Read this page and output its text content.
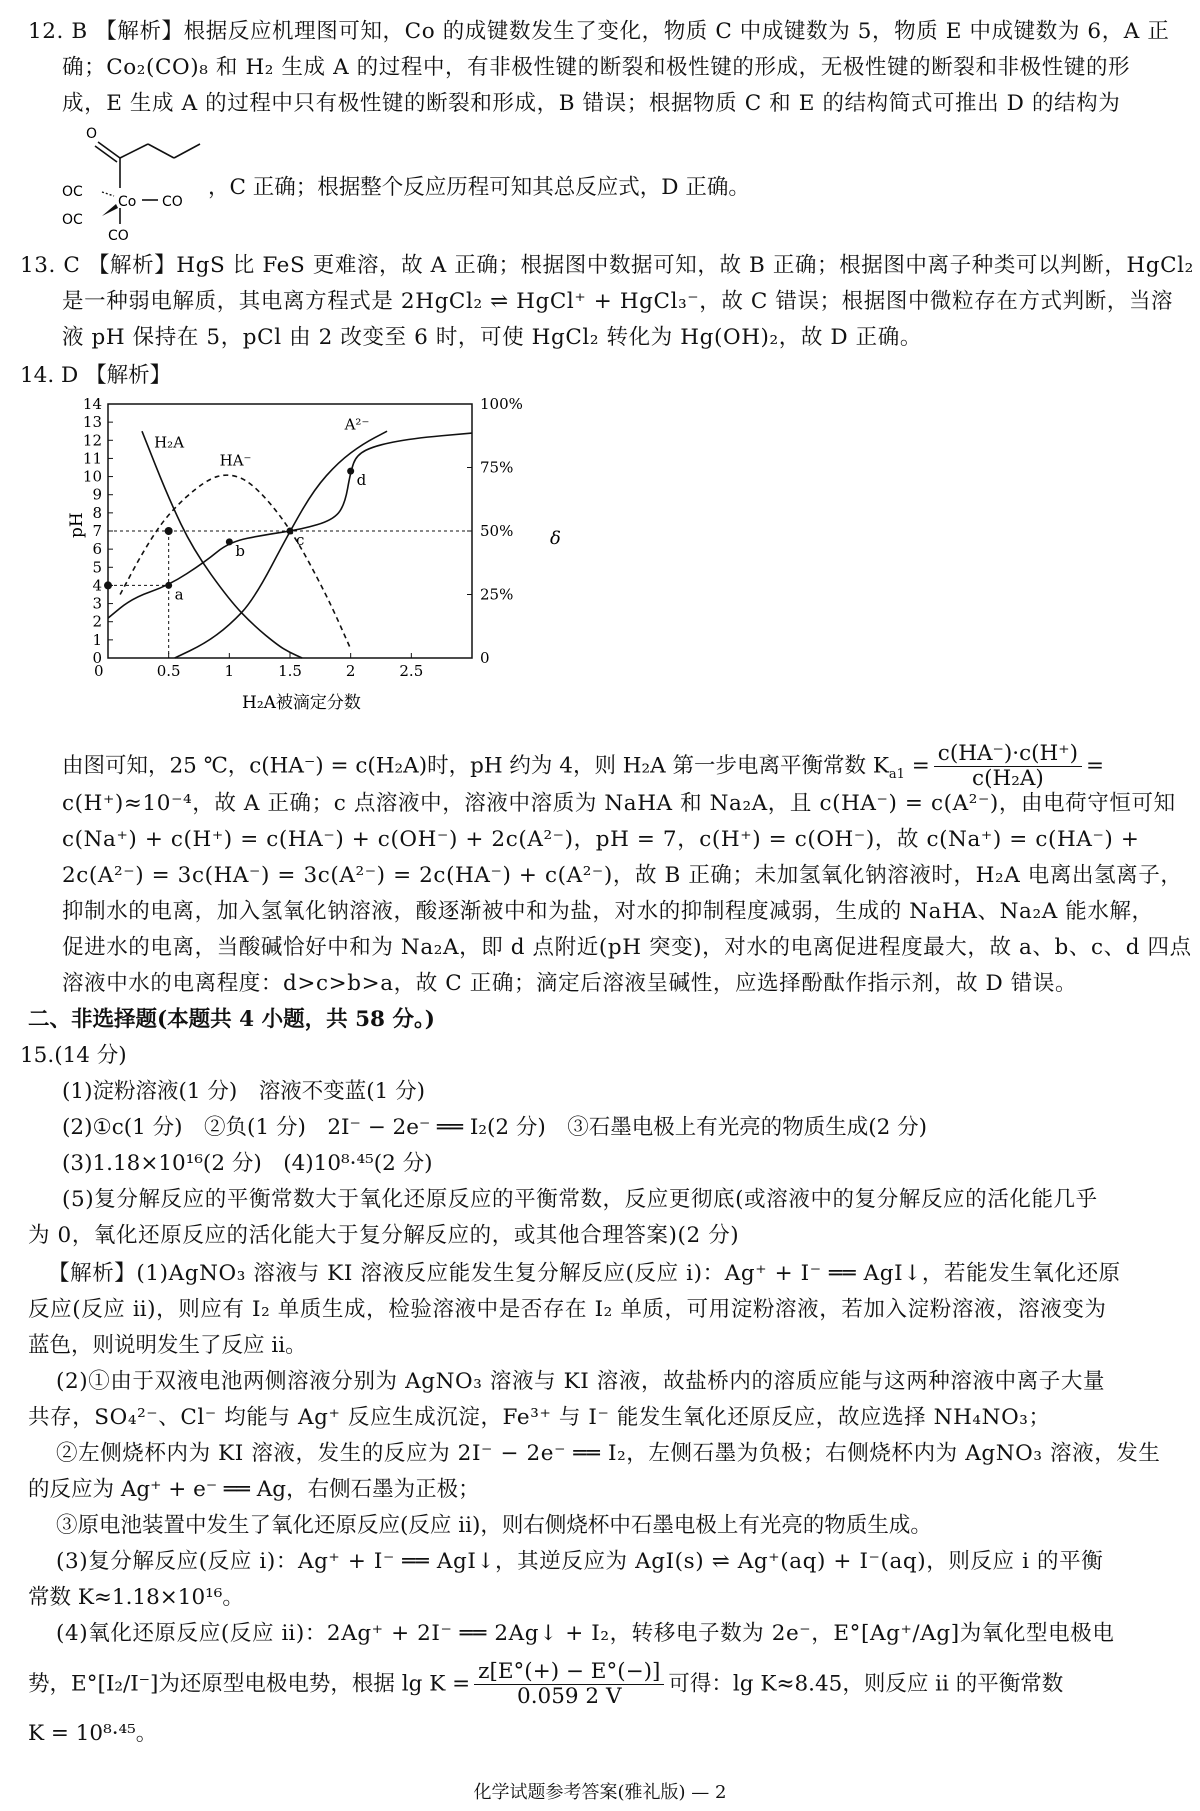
12. B 【解析】根据反应机理图可知，Co 的成键数发生了变化，物质 C 中成键数为 5，物质 E 中成键数为 6，A 正
确；Co₂(CO)₈ 和 H₂ 生成 A 的过程中，有非极性键的断裂和极性键的形成，无极性键的断裂和非极性键的形
成，E 生成 A 的过程中只有极性键的断裂和形成，B 错误；根据物质 C 和 E 的结构简式可推出 D 的结构为
O
OC
OC
Co CO
CO
，C 正确；根据整个反应历程可知其总反应式，D 正确。
13. C 【解析】HgS 比 FeS 更难溶，故 A 正确；根据图中数据可知，故 B 正确；根据图中离子种类可以判断，HgCl₂
是一种弱电解质，其电离方程式是 2HgCl₂ ⇌ HgCl⁺ + HgCl₃⁻，故 C 错误；根据图中微粒存在方式判断，当溶
液 pH 保持在 5，pCl 由 2 改变至 6 时，可使 HgCl₂ 转化为 Hg(OH)₂，故 D 正确。
14. D 【解析】
0
1
2
3
4
5
6
7
8
9
10
11
12
13
14
0
25%
50%
75%
100%
0	0.5	1	1.5	2	2.5
H₂A
HA⁻
A²⁻
a
b
c
d
pH
δ
H₂A被滴定分数
由图可知，25 ℃，c(HA⁻) = c(H₂A)时，pH 约为 4，则 H₂A 第一步电离平衡常数 $K_{a1} = \frac{c(HA^-)\cdot c(H^+)}{\text{c(H₂A)}}$ =
c(H⁺)≈10⁻⁴，故 A 正确；c 点溶液中，溶液中溶质为 NaHA 和 Na₂A，且 c(HA⁻) = c(A²⁻)，由电荷守恒可知
c(Na⁺) + c(H⁺) = c(HA⁻) + c(OH⁻) + 2c(A²⁻)，pH = 7，c(H⁺) = c(OH⁻)，故 c(Na⁺) = c(HA⁻) +
2c(A²⁻) = 3c(HA⁻) = 3c(A²⁻) = 2c(HA⁻) + c(A²⁻)，故 B 正确；未加氢氧化钠溶液时，H₂A 电离出氢离子，
抑制水的电离，加入氢氧化钠溶液，酸逐渐被中和为盐，对水的抑制程度减弱，生成的 NaHA、Na₂A 能水解，
促进水的电离，当酸碱恰好中和为 Na₂A，即 d 点附近(pH 突变)，对水的电离促进程度最大，故 a、b、c、d 四点
溶液中水的电离程度：d>c>b>a，故 C 正确；滴定后溶液呈碱性，应选择酚酞作指示剂，故 D 错误。
二、非选择题(本题共 4 小题，共 58 分。)
15.(14 分)
(1)淀粉溶液(1 分)　溶液不变蓝(1 分)
(2)①c(1 分)　②负(1 分)　2I⁻ − 2e⁻ ══ I₂(2 分)　③石墨电极上有光亮的物质生成(2 分)
(3)1.18×10¹⁶(2 分)　(4)10⁸·⁴⁵(2 分)
(5)复分解反应的平衡常数大于氧化还原反应的平衡常数，反应更彻底(或溶液中的复分解反应的活化能几乎
为 0，氧化还原反应的活化能大于复分解反应的，或其他合理答案)(2 分)
【解析】(1)AgNO₃ 溶液与 KI 溶液反应能发生复分解反应(反应 ⅰ)：Ag⁺ + I⁻ ══ AgI↓，若能发生氧化还原
反应(反应 ⅱ)，则应有 I₂ 单质生成，检验溶液中是否存在 I₂ 单质，可用淀粉溶液，若加入淀粉溶液，溶液变为
蓝色，则说明发生了反应 ⅱ。
(2)①由于双液电池两侧溶液分别为 AgNO₃ 溶液与 KI 溶液，故盐桥内的溶质应能与这两种溶液中离子大量
共存，SO₄²⁻、Cl⁻ 均能与 Ag⁺ 反应生成沉淀，Fe³⁺ 与 I⁻ 能发生氧化还原反应，故应选择 NH₄NO₃；
②左侧烧杯内为 KI 溶液，发生的反应为 2I⁻ − 2e⁻ ══ I₂，左侧石墨为负极；右侧烧杯内为 AgNO₃ 溶液，发生
的反应为 Ag⁺ + e⁻ ══ Ag，右侧石墨为正极；
③原电池装置中发生了氧化还原反应(反应 ⅱ)，则右侧烧杯中石墨电极上有光亮的物质生成。
(3)复分解反应(反应 ⅰ)：Ag⁺ + I⁻ ══ AgI↓，其逆反应为 AgI(s) ⇌ Ag⁺(aq) + I⁻(aq)，则反应 ⅰ 的平衡
常数 K≈1.18×10¹⁶。
(4)氧化还原反应(反应 ⅱ)：2Ag⁺ + 2I⁻ ══ 2Ag↓ + I₂，转移电子数为 2e⁻，E°[Ag⁺/Ag]为氧化型电极电
势，E°[I₂/I⁻]为还原型电极电势，根据 $\lg K = \frac{z[E^\circ(+) - E^\circ(-)]}{0.059 2 V}$ 可得：lg K≈8.45，则反应 ⅱ 的平衡常数
K = 10⁸·⁴⁵。
化学试题参考答案(雅礼版) — 2
